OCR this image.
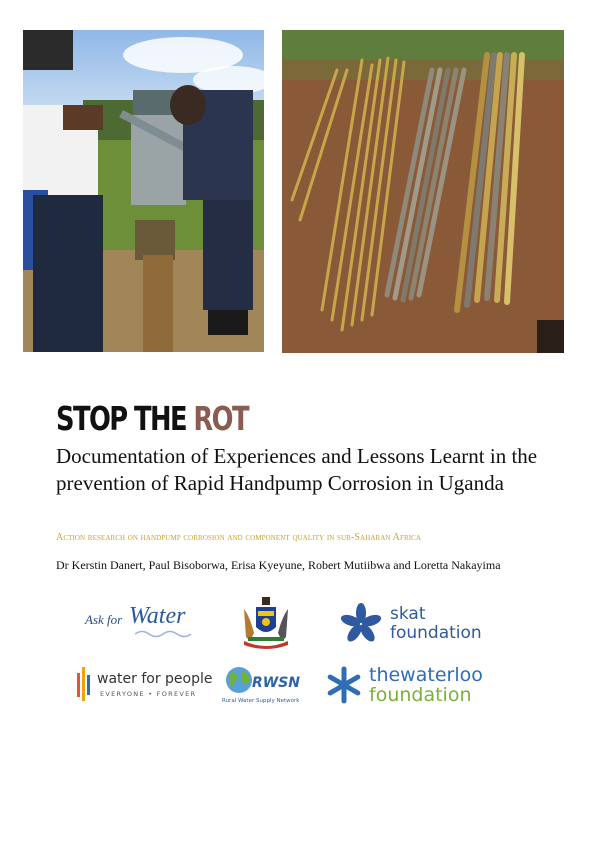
STOP THE ROT
Documentation of Experiences and Lessons Learnt in the prevention of Rapid Handpump Corrosion in Uganda
Action research on handpump corrosion and component quality in sub-Saharan Africa
Dr Kerstin Danert, Paul Bisoborwa, Erisa Kyeyune, Robert Mutiibwa and Loretta Nakayima
Ask for Water	skat
foundation
water for people
EVERYONE • FOREVER
RWSN
Rural Water Supply Network
thewaterloo
foundation
